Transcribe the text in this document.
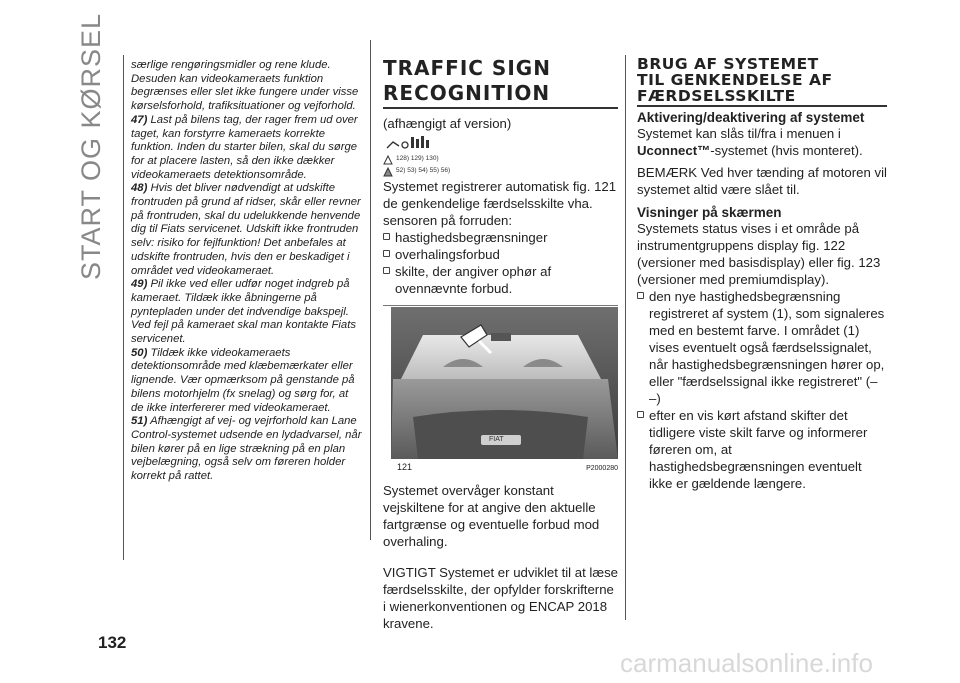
START OG KØRSEL
132

særlige rengøringsmidler og rene klude. Desuden kan videokameraets funktion begrænses eller slet ikke fungere under visse kørselsforhold, trafiksituationer og vejforhold.

47) Last på bilens tag, der rager frem ud over taget, kan forstyrre kameraets korrekte funktion. Inden du starter bilen, skal du sørge for at placere lasten, så den ikke dækker videokameraets detektionsområde.

48) Hvis det bliver nødvendigt at udskifte frontruden på grund af ridser, skår eller revner på frontruden, skal du udelukkende henvende dig til Fiats servicenet. Udskift ikke frontruden selv: risiko for fejlfunktion! Det anbefales at udskifte frontruden, hvis den er beskadiget i området ved videokameraet.

49) Pil ikke ved eller udfør noget indgreb på kameraet. Tildæk ikke åbningerne på pyntepladen under det indvendige bakspejl. Ved fejl på kameraet skal man kontakte Fiats servicenet.

50) Tildæk ikke videokameraets detektionsområde med klæbemærkater eller lignende. Vær opmærksom på genstande på bilens motorhjelm (fx snelag) og sørg for, at de ikke interfererer med videokameraet.

51) Afhængigt af vej- og vejrforhold kan Lane Control-systemet udsende en lydadvarsel, når bilen kører på en lige strækning på en plan vejbelægning, også selv om føreren holder korrekt på rattet.

TRAFFIC SIGN
RECOGNITION

(afhængigt af version)

128) 129) 130)
52) 53) 54) 55) 56)

Systemet registrerer automatisk fig. 121 de genkendelige færdselsskilte vha. sensoren på forruden:

hastighedsbegrænsninger
overhalingsforbud
skilte, der angiver ophør af ovennævnte forbud.
121	P2000280
FIAT

Systemet overvåger konstant vejskiltene for at angive den aktuelle fartgrænse og eventuelle forbud mod overhaling.

VIGTIGT Systemet er udviklet til at læse færdselsskilte, der opfylder forskrifterne i wienerkonventionen og ENCAP 2018 kravene.

BRUG AF SYSTEMET
TIL GENKENDELSE AF
FÆRDSELSSKILTE

Aktivering/deaktivering af systemet

Systemet kan slås til/fra i menuen i Uconnect™-systemet (hvis monteret).

BEMÆRK Ved hver tænding af motoren vil systemet altid være slået til.

Visninger på skærmen

Systemets status vises i et område på instrumentgruppens display fig. 122 (versioner med basisdisplay) eller fig. 123 (versioner med premiumdisplay).

den nye hastighedsbegrænsning registreret af system (1), som signaleres med en bestemt farve. I området (1) vises eventuelt også færdselssignalet, når hastighedsbegrænsningen hører op, eller "færdselssignal ikke registreret" (– –)
efter en vis kørt afstand skifter det tidligere viste skilt farve og informerer føreren om, at hastighedsbegrænsningen eventuelt ikke er gældende længere.
carmanualsonline.info
